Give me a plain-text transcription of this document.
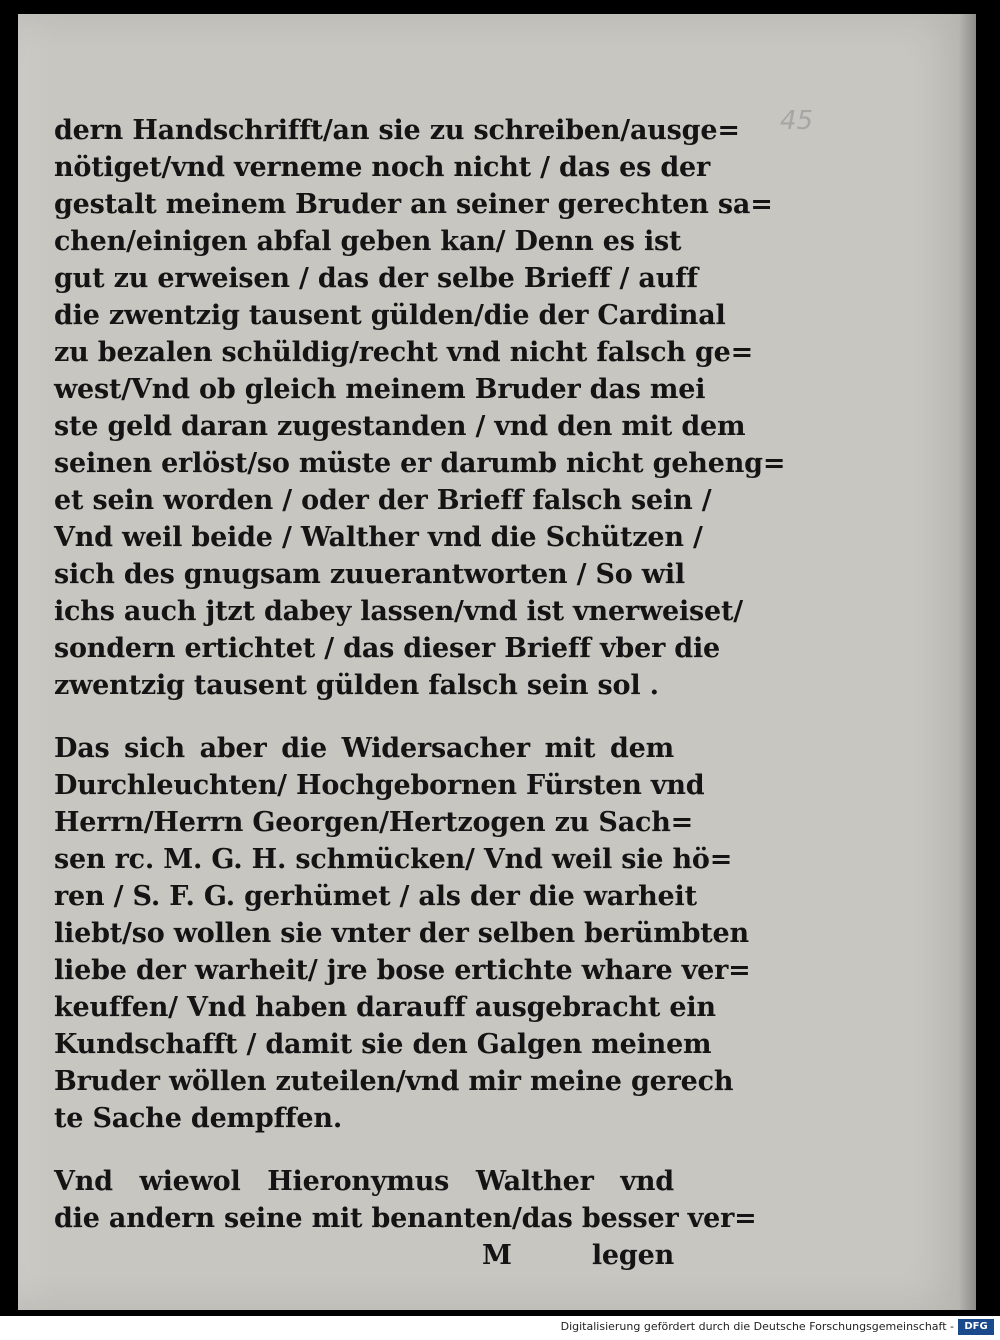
45
dern Handschrifft/an sie zu schreiben/ausge=
nötiget/vnd verneme noch nicht / das es der
gestalt meinem Bruder an seiner gerechten sa=
chen/einigen abfal geben kan/ Denn es ist
gut zu erweisen / das der selbe Brieff / auff
die zwentzig tausent gülden/die der Cardinal
zu bezalen schüldig/recht vnd nicht falsch ge=
west/Vnd ob gleich meinem Bruder das mei
ste geld daran zugestanden / vnd den mit dem
seinen erlöst/so müste er darumb nicht geheng=
et sein worden / oder der Brieff falsch sein /
Vnd weil beide / Walther vnd die Schützen /
sich des gnugsam zuuerantworten / So wil
ichs auch jtzt dabey lassen/vnd ist vnerweiset/
sondern ertichtet / das dieser Brieff vber die
zwentzig tausent gülden falsch sein sol .
Das sich aber die Widersacher mit dem
Durchleuchten/ Hochgebornen Fürsten vnd
Herrn/Herrn Georgen/Hertzogen zu Sach=
sen rc. M. G. H. schmücken/ Vnd weil sie hö=
ren / S. F. G. gerhümet / als der die warheit
liebt/so wollen sie vnter der selben berümbten
liebe der warheit/ jre bose ertichte whare ver=
keuffen/ Vnd haben darauff ausgebracht ein
Kundschafft / damit sie den Galgen meinem
Bruder wöllen zuteilen/vnd mir meine gerech
te Sache dempffen.
Vnd wiewol Hieronymus Walther vnd
die andern seine mit benanten/das besser ver=
M	legen
Digitalisierung gefördert durch die Deutsche Forschungsgemeinschaft -	DFG
